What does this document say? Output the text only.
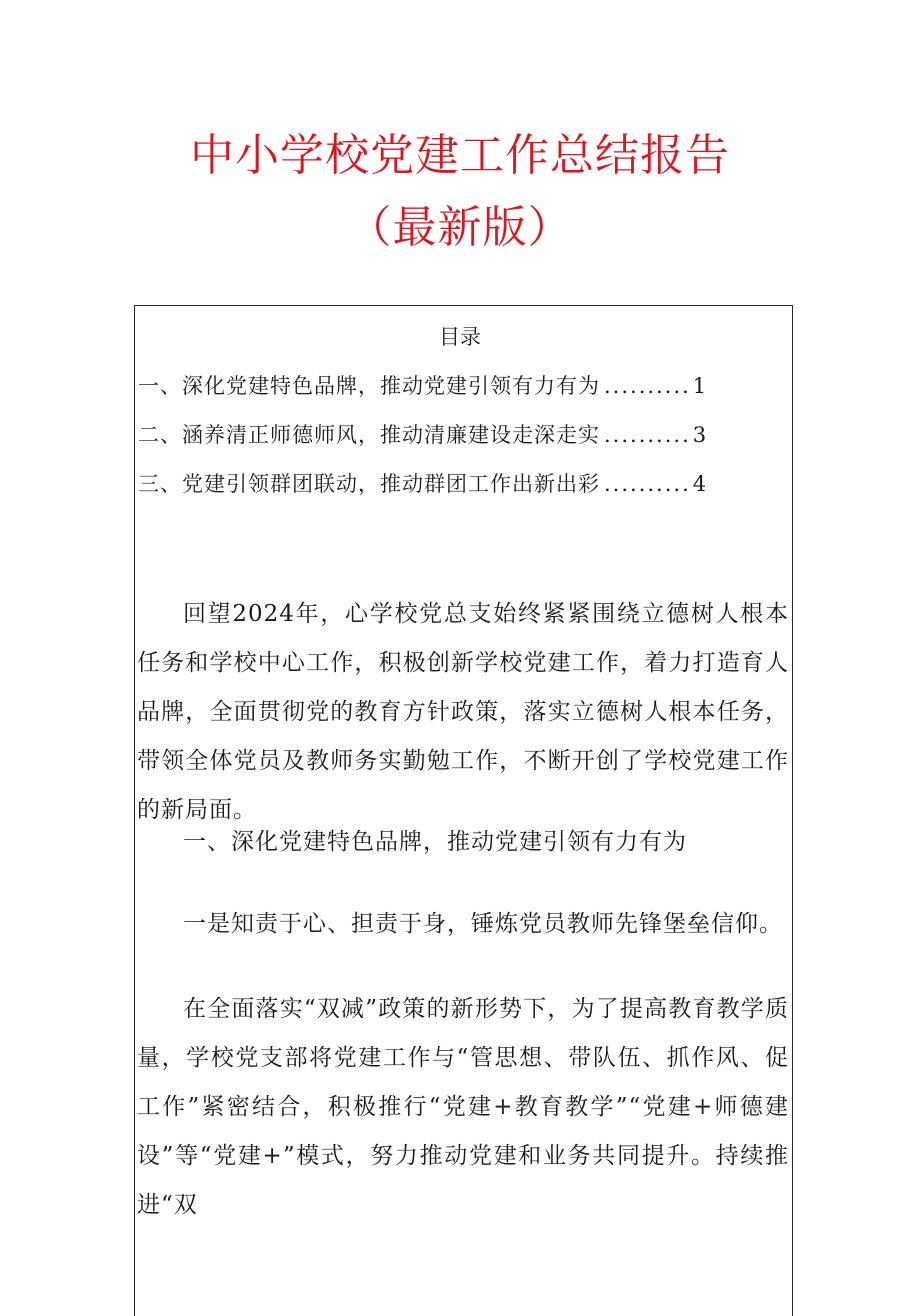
中小学校党建工作总结报告
（最新版）
目录
一、深化党建特色品牌，推动党建引领有力有为 ..........1
二、涵养清正师德师风，推动清廉建设走深走实 ..........3
三、党建引领群团联动，推动群团工作出新出彩 ..........4

回望2024年，心学校党总支始终紧紧围绕立德树人根本任务和学校中心工作，积极创新学校党建工作，着力打造育人品牌，全面贯彻党的教育方针政策，落实立德树人根本任务，带领全体党员及教师务实勤勉工作，不断开创了学校党建工作的新局面。

一、深化党建特色品牌，推动党建引领有力有为

一是知责于心、担责于身，锤炼党员教师先锋堡垒信仰。

在全面落实“双减”政策的新形势下，为了提高教育教学质量，学校党支部将党建工作与“管思想、带队伍、抓作风、促工作”紧密结合，积极推行“党建+教育教学”“党建+师德建设”等“党建+”模式，努力推动党建和业务共同提升。持续推进“双
